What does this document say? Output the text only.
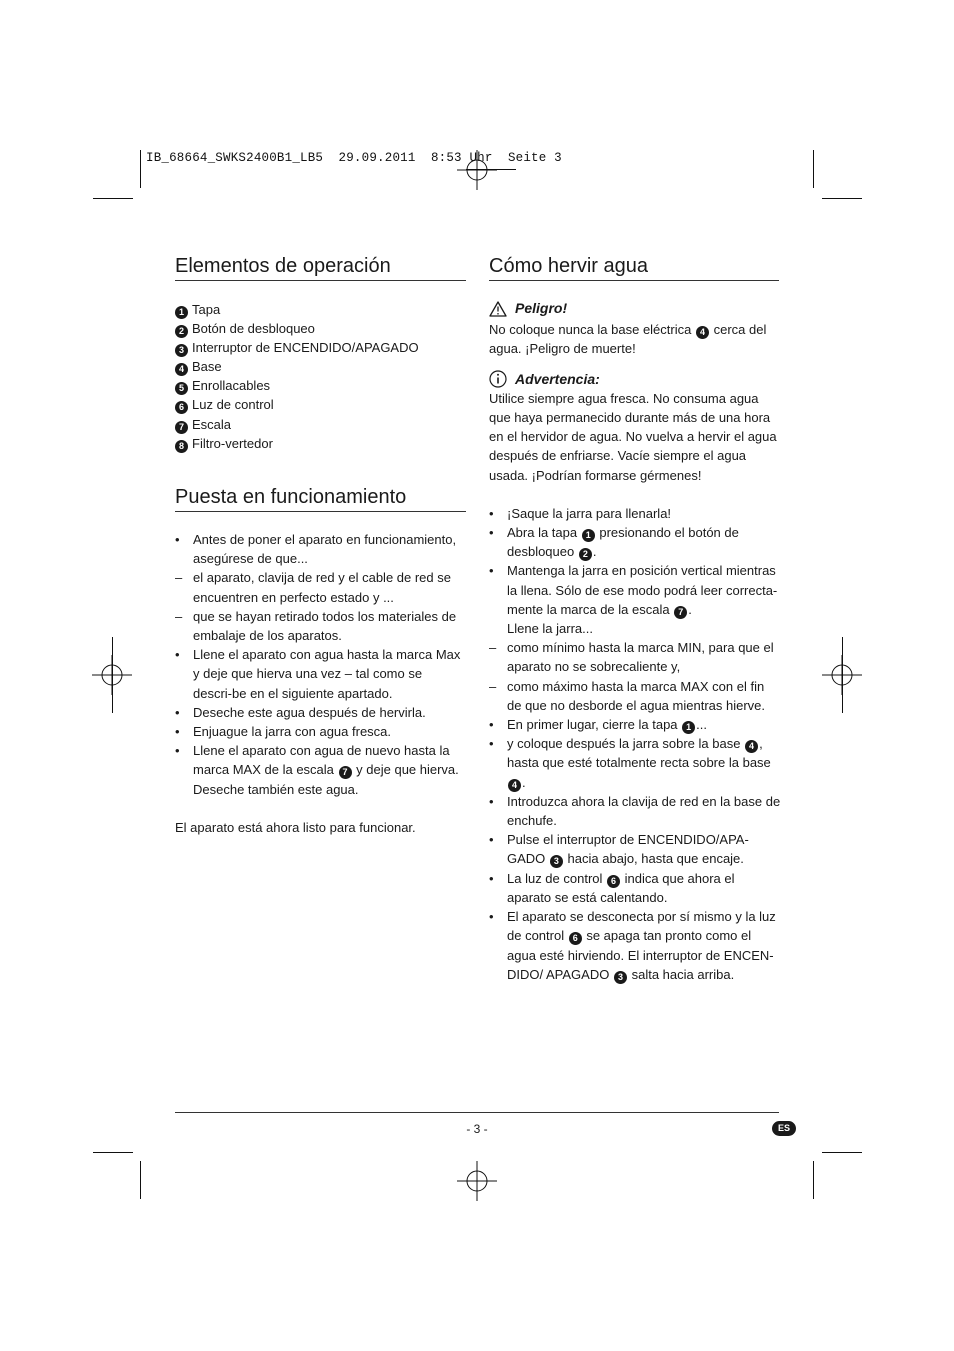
IB_68664_SWKS2400B1_LB5  29.09.2011  8:53 Uhr  Seite 3
Elementos de operación
1 Tapa
2 Botón de desbloqueo
3 Interruptor de ENCENDIDO/APAGADO
4 Base
5 Enrollacables
6 Luz de control
7 Escala
8 Filtro-vertedor
Puesta en funcionamiento
• Antes de poner el aparato en funcionamiento, asegúrese de que...
– el aparato, clavija de red y el cable de red se encuentren en perfecto estado y ...
– que se hayan retirado todos los materiales de embalaje de los aparatos.
• Llene el aparato con agua hasta la marca Max y deje que hierva una vez – tal como se descri-be en el siguiente apartado.
• Deseche este agua después de hervirla.
• Enjuague la jarra con agua fresca.
• Llene el aparato con agua de nuevo hasta la marca MAX de la escala 7 y deje que hierva. Deseche también este agua.
El aparato está ahora listo para funcionar.
Cómo hervir agua
Peligro!
No coloque nunca la base eléctrica 4 cerca del agua. ¡Peligro de muerte!
Advertencia:
Utilice siempre agua fresca. No consuma agua que haya permanecido durante más de una hora en el hervidor de agua. No vuelva a hervir el agua después de enfriarse. Vacíe siempre el agua usada. ¡Podrían formarse gérmenes!
• ¡Saque la jarra para llenarla!
• Abra la tapa 1 presionando el botón de desbloqueo 2 .
• Mantenga la jarra en posición vertical mientras la llena. Sólo de ese modo podrá leer correcta-mente la marca de la escala 7 .
Llene la jarra...
– como mínimo hasta la marca MIN, para que el aparato no se sobrecaliente y,
– como máximo hasta la marca MAX con el fin de que no desborde el agua mientras hierve.
• En primer lugar, cierre la tapa 1 ...
• y coloque después la jarra sobre la base 4 , hasta que esté totalmente recta sobre la base 4 .
• Introduzca ahora la clavija de red en la base de enchufe.
• Pulse el interruptor de ENCENDIDO/APA-GADO 3 hacia abajo, hasta que encaje.
• La luz de control 6 indica que ahora el aparato se está calentando.
• El aparato se desconecta por sí mismo y la luz de control 6 se apaga tan pronto como el agua esté hirviendo. El interruptor de ENCEN-DIDO/ APAGADO 3 salta hacia arriba.
- 3 -	ES
